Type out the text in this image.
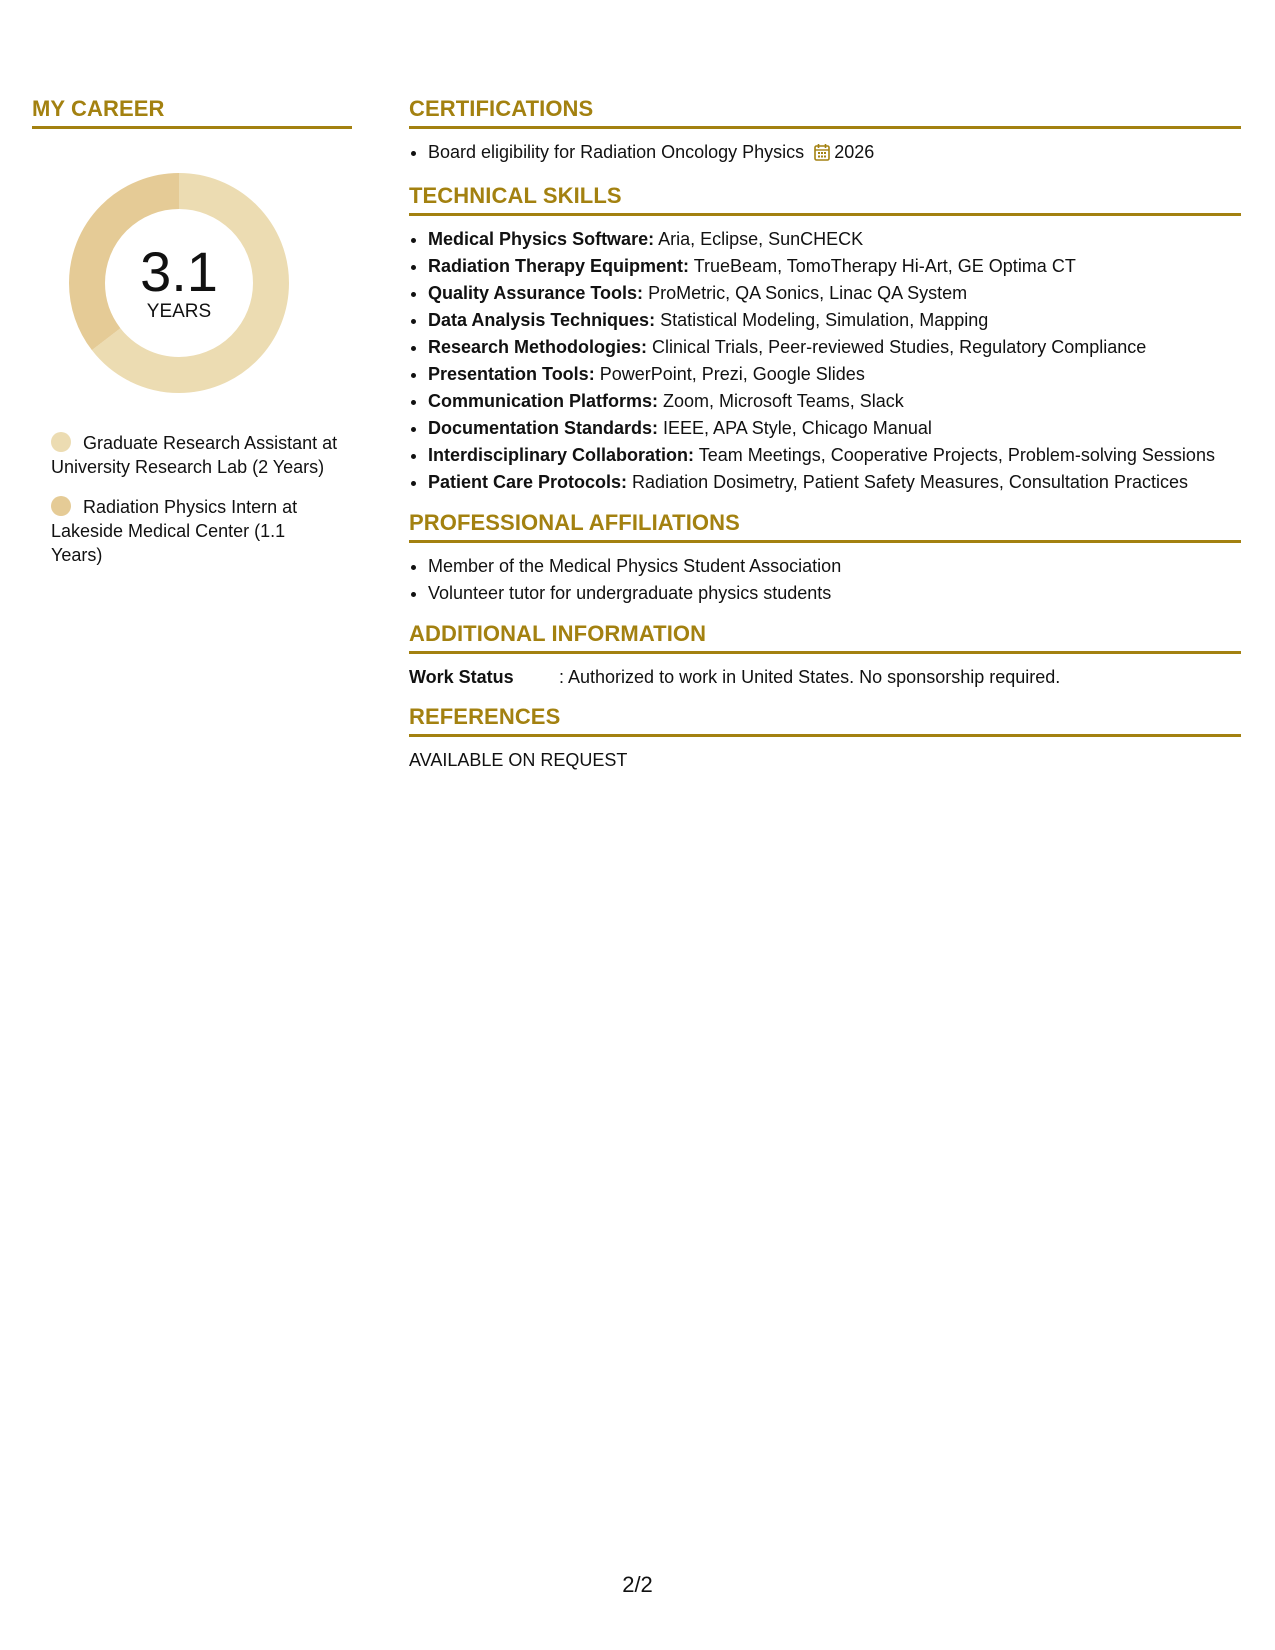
MY CAREER
3.1
YEARS
Graduate Research Assistant at University Research Lab (2 Years)
Radiation Physics Intern at Lakeside Medical Center (1.1 Years)
CERTIFICATIONS
• Board eligibility for Radiation Oncology Physics 2026
TECHNICAL SKILLS
• Medical Physics Software: Aria, Eclipse, SunCHECK
• Radiation Therapy Equipment: TrueBeam, TomoTherapy Hi-Art, GE Optima CT
• Quality Assurance Tools: ProMetric, QA Sonics, Linac QA System
• Data Analysis Techniques: Statistical Modeling, Simulation, Mapping
• Research Methodologies: Clinical Trials, Peer-reviewed Studies, Regulatory Compliance
• Presentation Tools: PowerPoint, Prezi, Google Slides
• Communication Platforms: Zoom, Microsoft Teams, Slack
• Documentation Standards: IEEE, APA Style, Chicago Manual
• Interdisciplinary Collaboration: Team Meetings, Cooperative Projects, Problem-solving Sessions
• Patient Care Protocols: Radiation Dosimetry, Patient Safety Measures, Consultation Practices
PROFESSIONAL AFFILIATIONS
• Member of the Medical Physics Student Association
• Volunteer tutor for undergraduate physics students
ADDITIONAL INFORMATION
Work Status	: Authorized to work in United States. No sponsorship required.
REFERENCES
AVAILABLE ON REQUEST
2/2
